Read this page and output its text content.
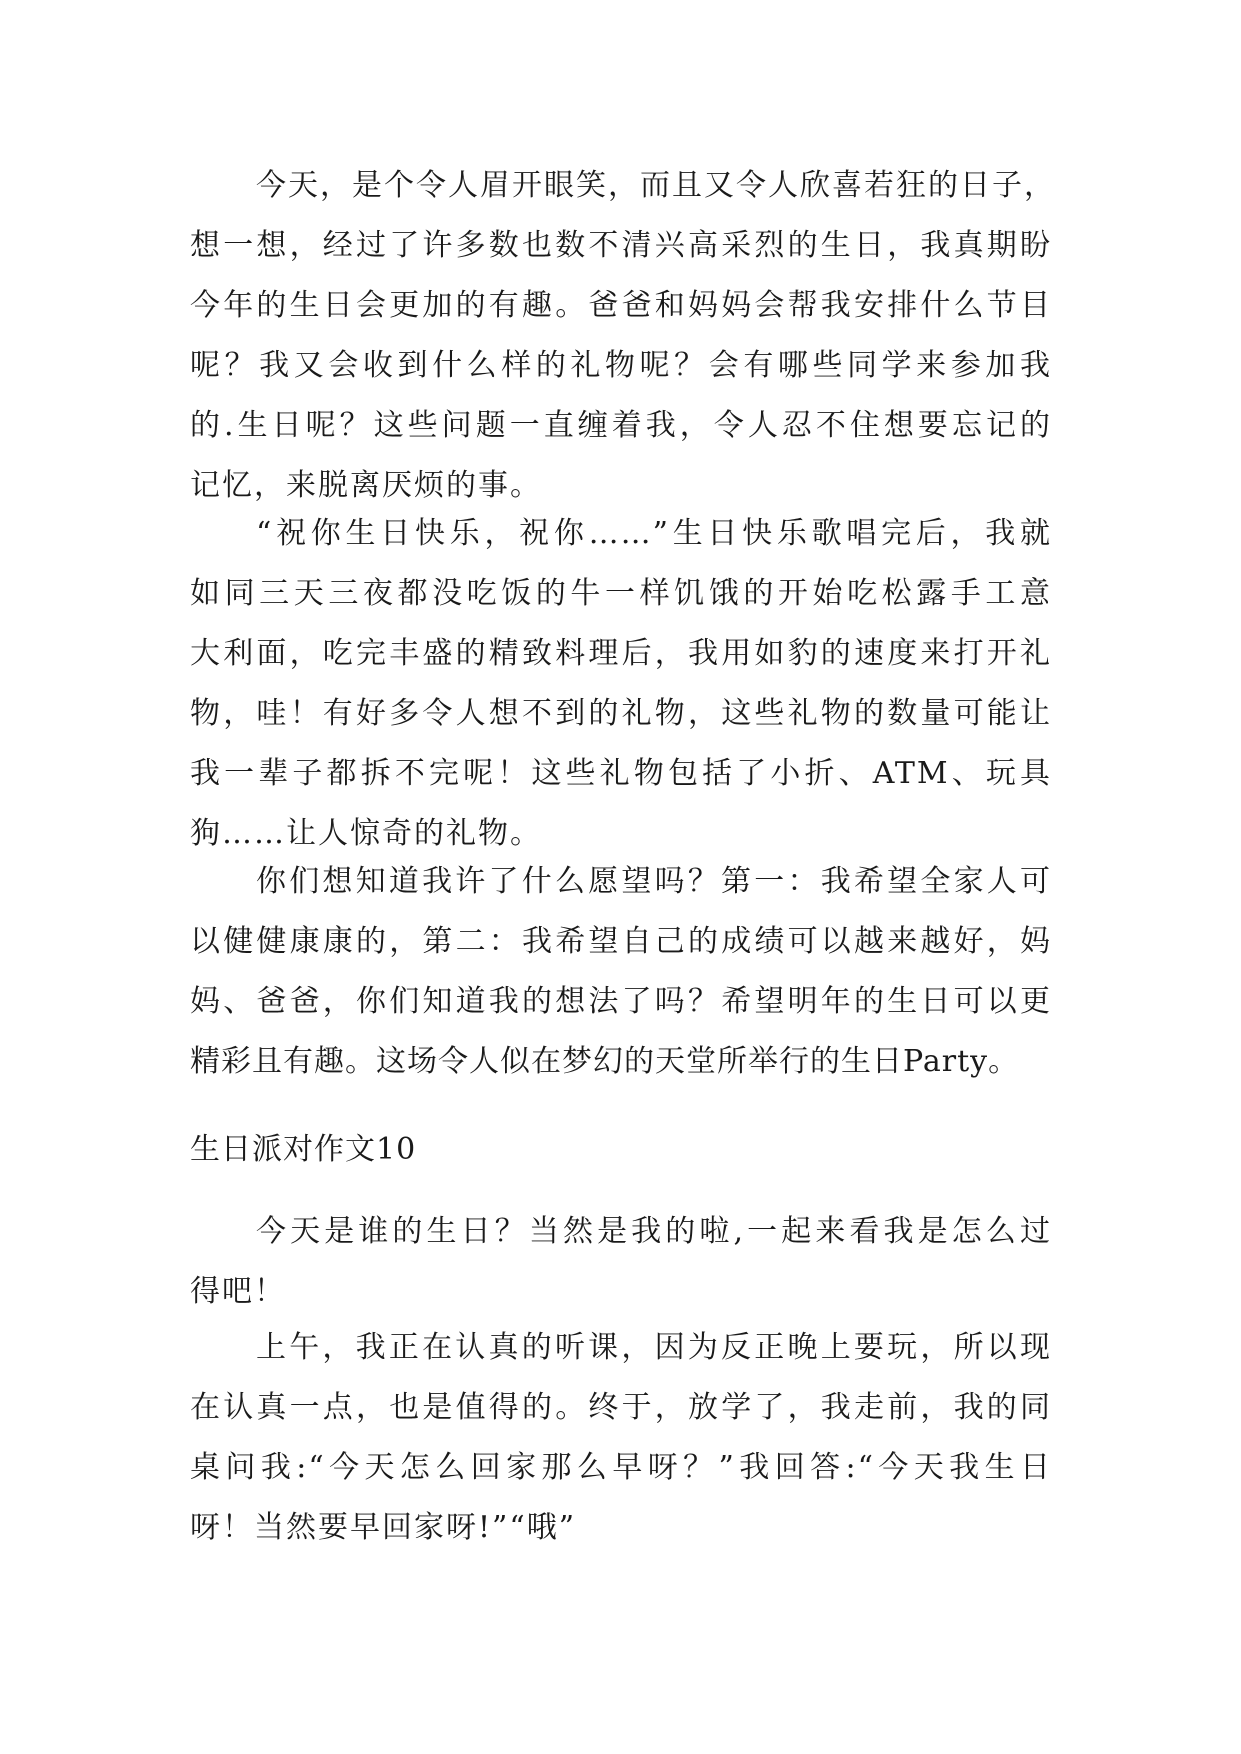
今天，是个令人眉开眼笑，而且又令人欣喜若狂的日子，
想一想，经过了许多数也数不清兴高采烈的生日，我真期盼
今年的生日会更加的有趣。爸爸和妈妈会帮我安排什么节目
呢？我又会收到什么样的礼物呢？会有哪些同学来参加我
的.生日呢？这些问题一直缠着我，令人忍不住想要忘记的
记忆，来脱离厌烦的事。
“祝你生日快乐，祝你……”生日快乐歌唱完后，我就
如同三天三夜都没吃饭的牛一样饥饿的开始吃松露手工意
大利面，吃完丰盛的精致料理后，我用如豹的速度来打开礼
物，哇！有好多令人想不到的礼物，这些礼物的数量可能让
我一辈子都拆不完呢！这些礼物包括了小折、ATM、玩具
狗……让人惊奇的礼物。
你们想知道我许了什么愿望吗？第一：我希望全家人可
以健健康康的，第二：我希望自己的成绩可以越来越好，妈
妈、爸爸，你们知道我的想法了吗？希望明年的生日可以更
精彩且有趣。这场令人似在梦幻的天堂所举行的生日Party。
生日派对作文10
今天是谁的生日？当然是我的啦,一起来看我是怎么过
得吧！
上午，我正在认真的听课，因为反正晚上要玩，所以现
在认真一点，也是值得的。终于，放学了，我走前，我的同
桌问我:“今天怎么回家那么早呀？”我回答:“今天我生日
呀！当然要早回家呀!”“哦”
